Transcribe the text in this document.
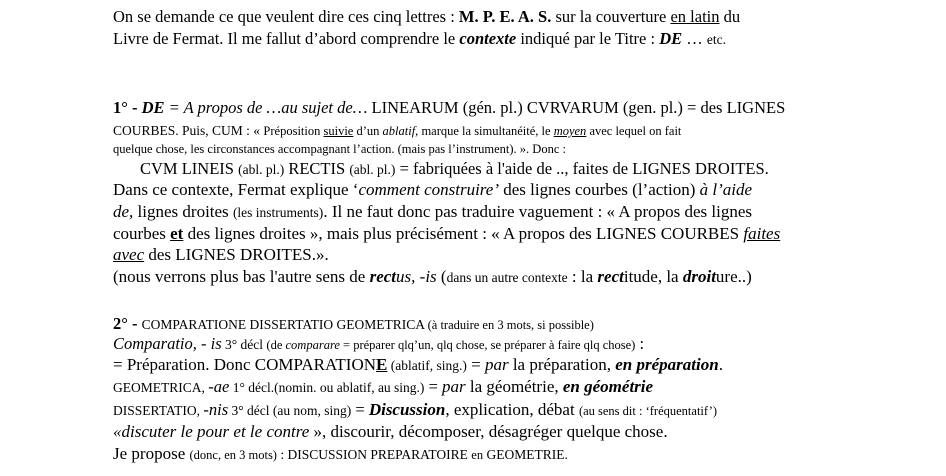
On se demande ce que veulent dire ces cinq lettres : M. P. E. A. S. sur la couverture en latin du
Livre de Fermat. Il me fallut d’abord comprendre le contexte indiqué par le Titre : DE … etc.
1° - DE = A propos de …au sujet de… LINEARUM (gén. pl.) CVRVARUM (gen. pl.) = des LIGNES
COURBES. Puis, CUM : « Préposition suivie d’un ablatif, marque la simultanéité, le moyen avec lequel on fait
quelque chose, les circonstances accompagnant l’action. (mais pas l’instrument). ». Donc :
CVM LINEIS (abl. pl.) RECTIS (abl. pl.) = fabriquées à l'aide de .., faites de LIGNES DROITES.
Dans ce contexte, Fermat explique ‘comment construire’ des lignes courbes (l’action) à l’aide
de, lignes droites (les instruments). Il ne faut donc pas traduire vaguement : « A propos des lignes
courbes et des lignes droites », mais plus précisément : « A propos des LIGNES COURBES faites
avec des LIGNES DROITES.».
(nous verrons plus bas l'autre sens de rectus, -is (dans un autre contexte : la rectitude, la droiture..)
2° - COMPARATIONE DISSERTATIO GEOMETRICA (à traduire en 3 mots, si possible)
Comparatio, - is 3° décl (de comparare = préparer qlq’un, qlq chose, se préparer à faire qlq chose) :
= Préparation. Donc COMPARATIONE (ablatif, sing.) = par la préparation, en préparation.
GEOMETRICA, -ae 1° décl.(nomin. ou ablatif, au sing.) = par la géométrie, en géométrie
DISSERTATIO, -nis 3° décl (au nom, sing) = Discussion, explication, débat (au sens dit : ‘fréquentatif’)
«discuter le pour et le contre », discourir, décomposer, désagréger quelque chose.
Je propose (donc, en 3 mots) : DISCUSSION PREPARATOIRE en GEOMETRIE.
